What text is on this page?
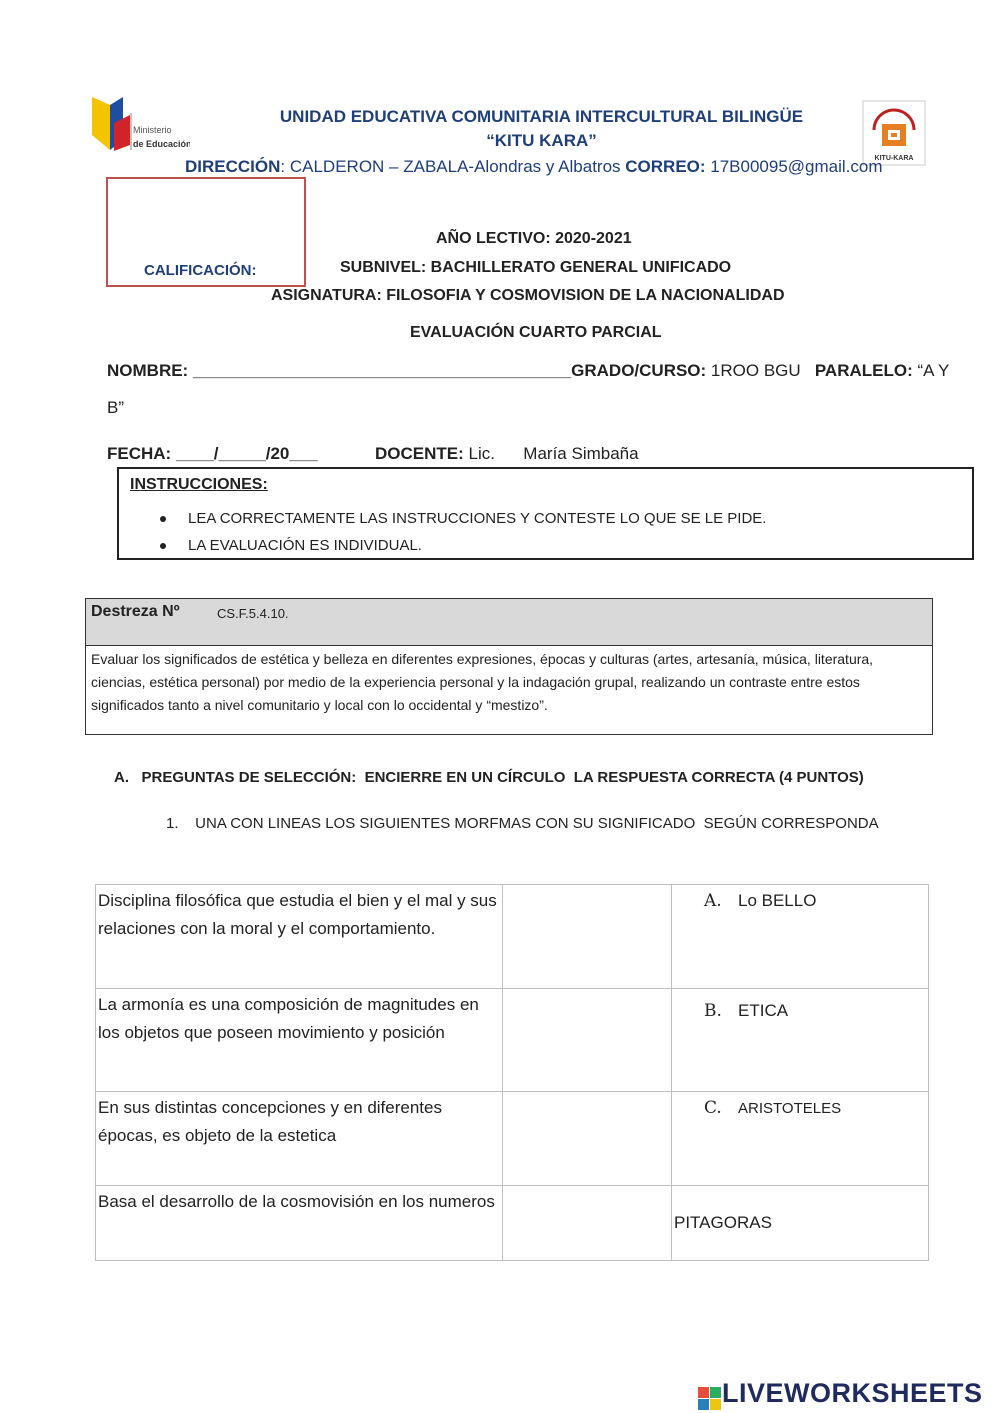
Ministerio
de Educación
KITU-KARA
UNIDAD EDUCATIVA COMUNITARIA INTERCULTURAL BILINGÜE
“KITU KARA”
DIRECCIÓN: CALDERON – ZABALA-Alondras y Albatros CORREO: 17B00095@gmail.com
CALIFICACIÓN:
AÑO LECTIVO: 2020-2021
SUBNIVEL: BACHILLERATO GENERAL UNIFICADO
ASIGNATURA: FILOSOFIA Y COSMOVISION DE LA NACIONALIDAD
EVALUACIÓN CUARTO PARCIAL
NOMBRE: ________________________________________GRADO/CURSO: 1ROO BGU PARALELO: “A Y
B”
FECHA: ____/_____/20___	DOCENTE: Lic.      María Simbaña
INSTRUCCIONES:
LEA CORRECTAMENTE LAS INSTRUCCIONES Y CONTESTE LO QUE SE LE PIDE.
LA EVALUACIÓN ES INDIVIDUAL.
Destreza Nº	CS.F.5.4.10.
Evaluar los significados de estética y belleza en diferentes expresiones, épocas y culturas (artes, artesanía, música, literatura, ciencias, estética personal) por medio de la experiencia personal y la indagación grupal, realizando un contraste entre estos significados tanto a nivel comunitario y local con lo occidental y “mestizo”.
A.   PREGUNTAS DE SELECCIÓN:  ENCIERRE EN UN CÍRCULO  LA RESPUESTA CORRECTA (4 PUNTOS)
1.    UNA CON LINEAS LOS SIGUIENTES MORFMAS CON SU SIGNIFICADO  SEGÚN CORRESPONDA
Disciplina filosófica que estudia el bien y el mal y sus relaciones con la moral y el comportamiento.		A. Lo BELLO
La armonía es una composición de magnitudes en los objetos que poseen movimiento y posición		B. ETICA
En sus distintas concepciones y en diferentes épocas, es objeto de la estetica		C. ARISTOTELES
Basa el desarrollo de la cosmovisión en los numeros		PITAGORAS
LIVEWORKSHEETS
